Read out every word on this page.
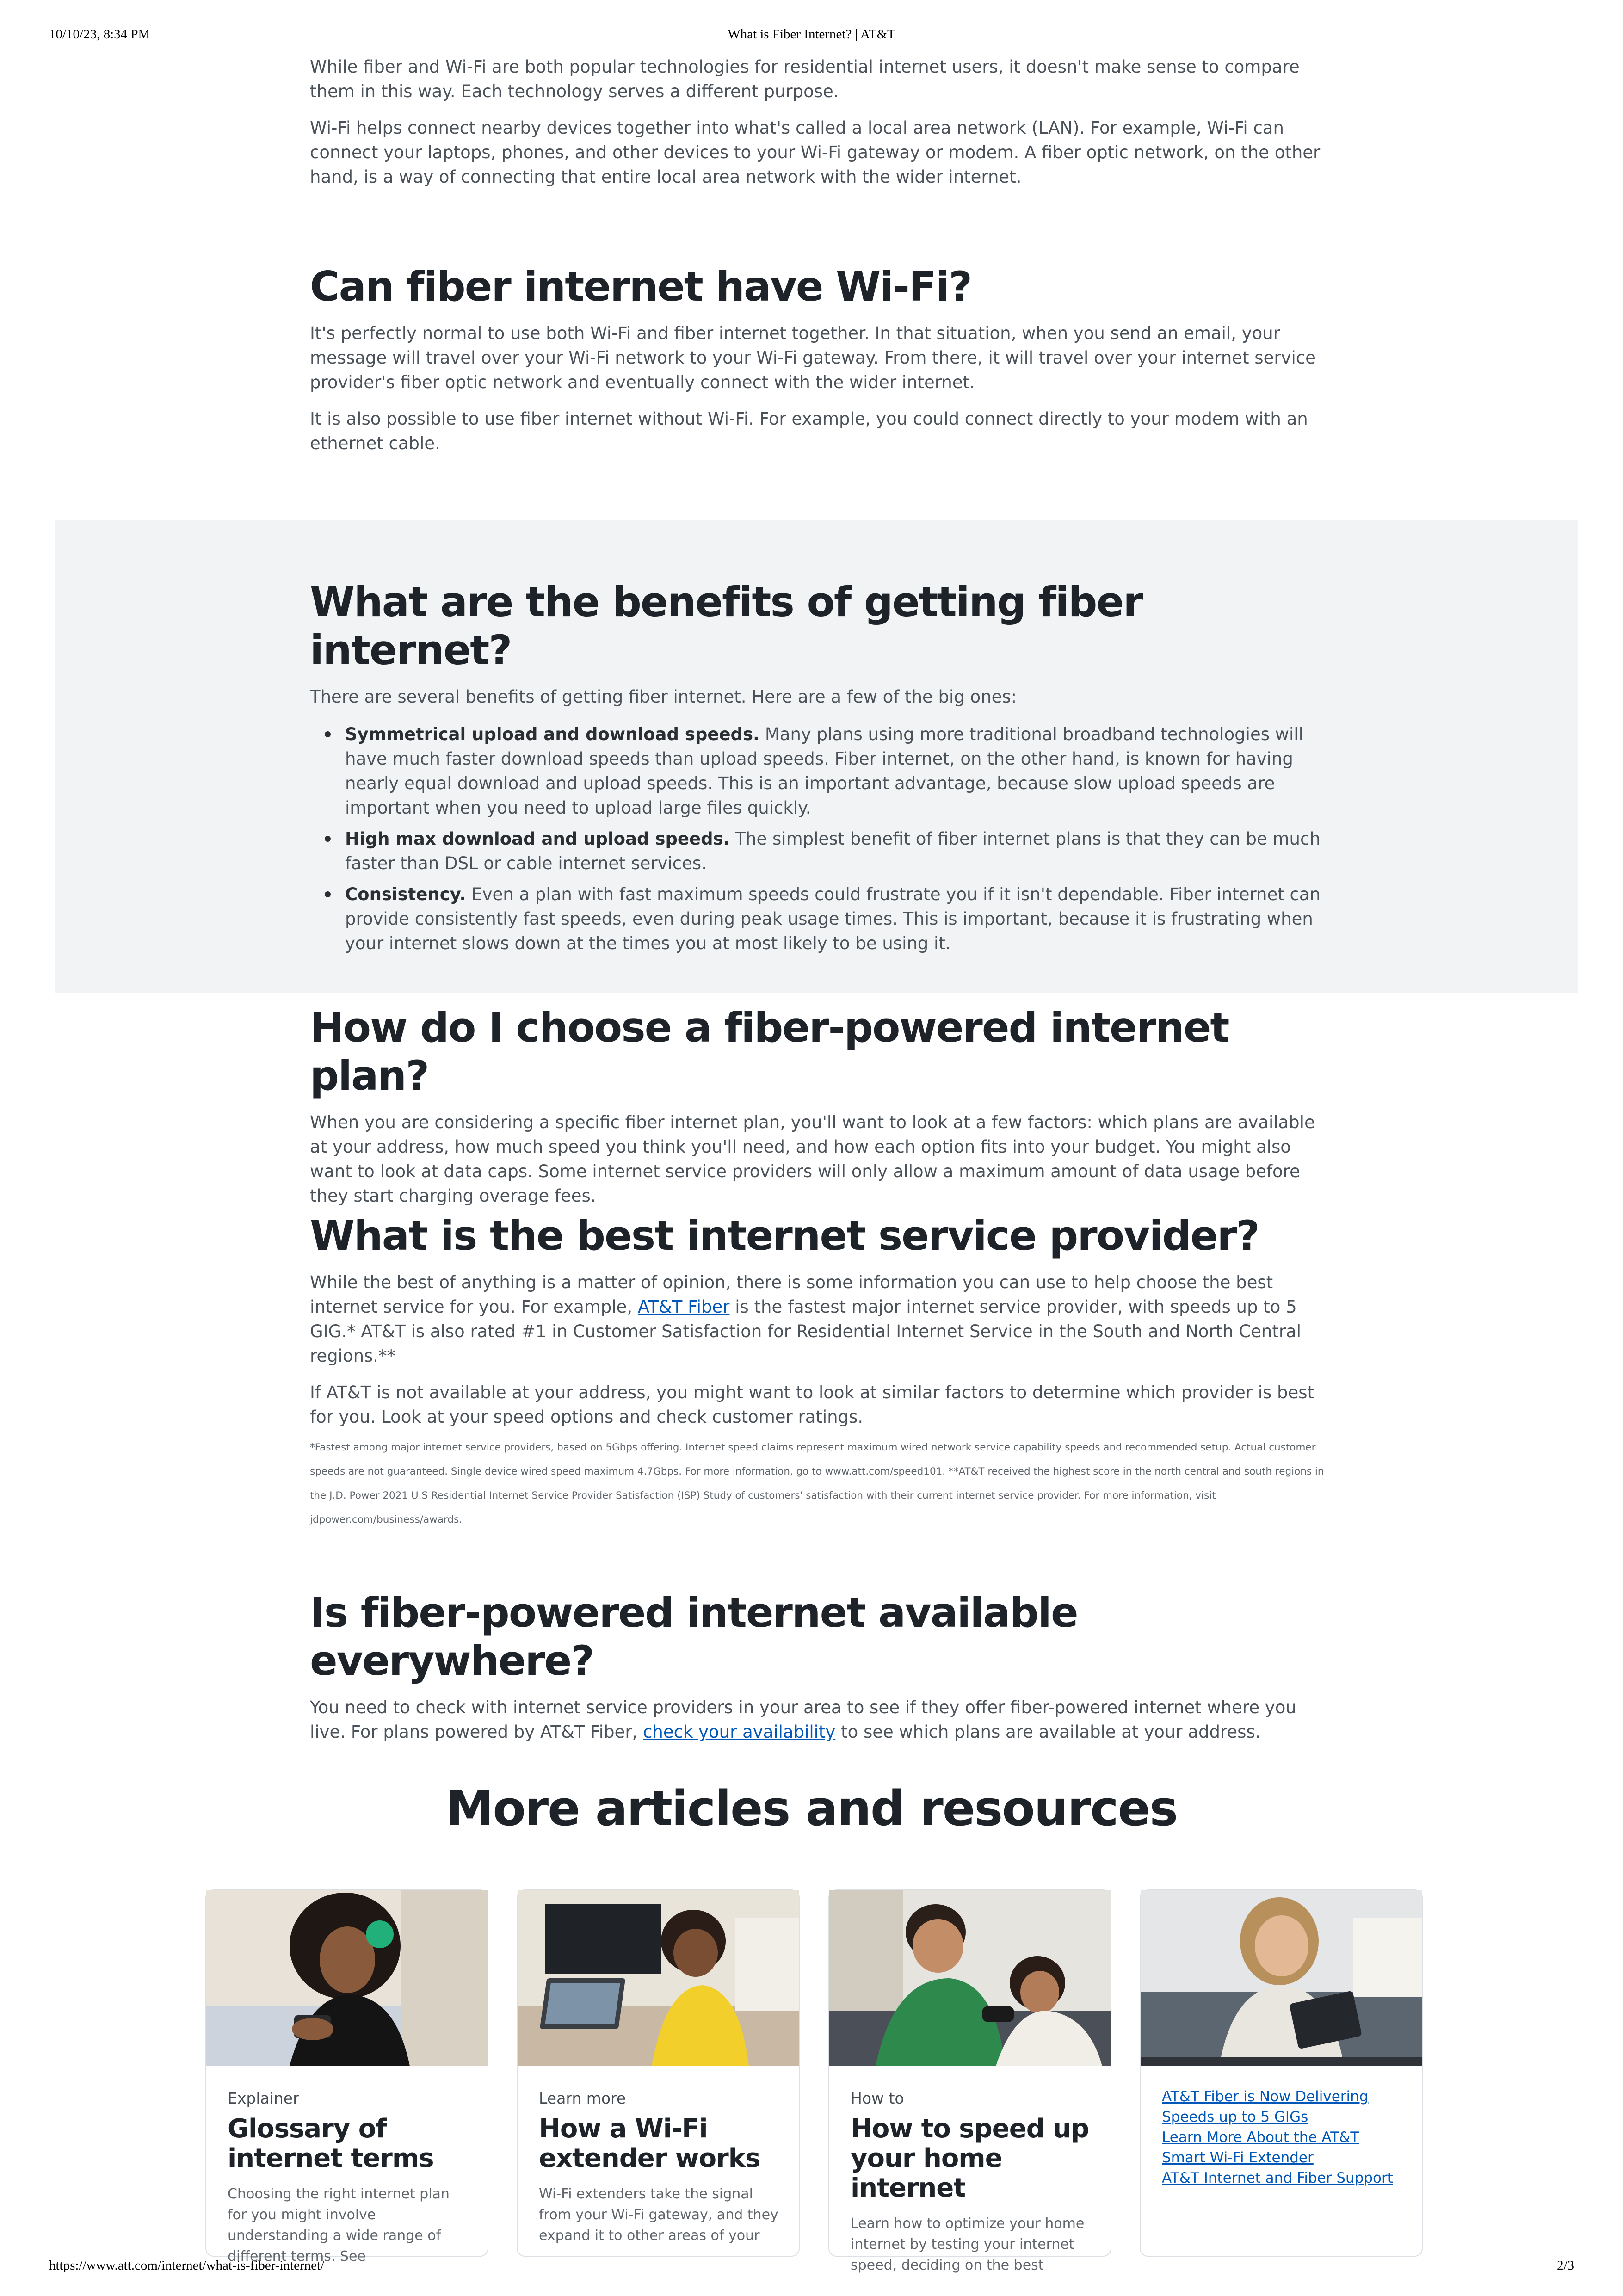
10/10/23, 8:34 PM	What is Fiber Internet? | AT&T
https://www.att.com/internet/what-is-fiber-internet/	2/3

While fiber and Wi-Fi are both popular technologies for residential internet users, it doesn't make sense to compare them in this way. Each technology serves a different purpose.

Wi-Fi helps connect nearby devices together into what's called a local area network (LAN). For example, Wi-Fi can connect your laptops, phones, and other devices to your Wi-Fi gateway or modem. A fiber optic network, on the other hand, is a way of connecting that entire local area network with the wider internet.

Can fiber internet have Wi-Fi?

It's perfectly normal to use both Wi-Fi and fiber internet together. In that situation, when you send an email, your message will travel over your Wi-Fi network to your Wi-Fi gateway. From there, it will travel over your internet service provider's fiber optic network and eventually connect with the wider internet.

It is also possible to use fiber internet without Wi-Fi. For example, you could connect directly to your modem with an ethernet cable.

What are the benefits of getting fiber internet?

There are several benefits of getting fiber internet. Here are a few of the big ones:

Symmetrical upload and download speeds. Many plans using more traditional broadband technologies will have much faster download speeds than upload speeds. Fiber internet, on the other hand, is known for having nearly equal download and upload speeds. This is an important advantage, because slow upload speeds are important when you need to upload large files quickly.
High max download and upload speeds. The simplest benefit of fiber internet plans is that they can be much faster than DSL or cable internet services.
Consistency. Even a plan with fast maximum speeds could frustrate you if it isn't dependable. Fiber internet can provide consistently fast speeds, even during peak usage times. This is important, because it is frustrating when your internet slows down at the times you at most likely to be using it.
How do I choose a fiber-powered internet plan?

When you are considering a specific fiber internet plan, you'll want to look at a few factors: which plans are available at your address, how much speed you think you'll need, and how each option fits into your budget. You might also want to look at data caps. Some internet service providers will only allow a maximum amount of data usage before they start charging overage fees.

What is the best internet service provider?

While the best of anything is a matter of opinion, there is some information you can use to help choose the best internet service for you. For example, AT&T Fiber is the fastest major internet service provider, with speeds up to 5 GIG.* AT&T is also rated #1 in Customer Satisfaction for Residential Internet Service in the South and North Central regions.**

If AT&T is not available at your address, you might want to look at similar factors to determine which provider is best for you. Look at your speed options and check customer ratings.

*Fastest among major internet service providers, based on 5Gbps offering. Internet speed claims represent maximum wired network service capability speeds and recommended setup. Actual customer speeds are not guaranteed. Single device wired speed maximum 4.7Gbps. For more information, go to www.att.com/speed101. **AT&T received the highest score in the north central and south regions in the J.D. Power 2021 U.S Residential Internet Service Provider Satisfaction (ISP) Study of customers' satisfaction with their current internet service provider. For more information, visit jdpower.com/business/awards.

Is fiber-powered internet available everywhere?

You need to check with internet service providers in your area to see if they offer fiber-powered internet where you live. For plans powered by AT&T Fiber, check your availability to see which plans are available at your address.

More articles and resources

Explainer

Glossary of internet terms

Choosing the right internet plan for you might involve understanding a wide range of different terms. See

Learn more

How a Wi-Fi extender works

Wi-Fi extenders take the signal from your Wi-Fi gateway, and they expand it to other areas of your

How to

How to speed up your home internet

Learn how to optimize your home internet by testing your internet speed, deciding on the best

AT&T Fiber is Now Delivering Speeds up to 5 GIGs
Learn More About the AT&T Smart Wi-Fi Extender
AT&T Internet and Fiber Support
